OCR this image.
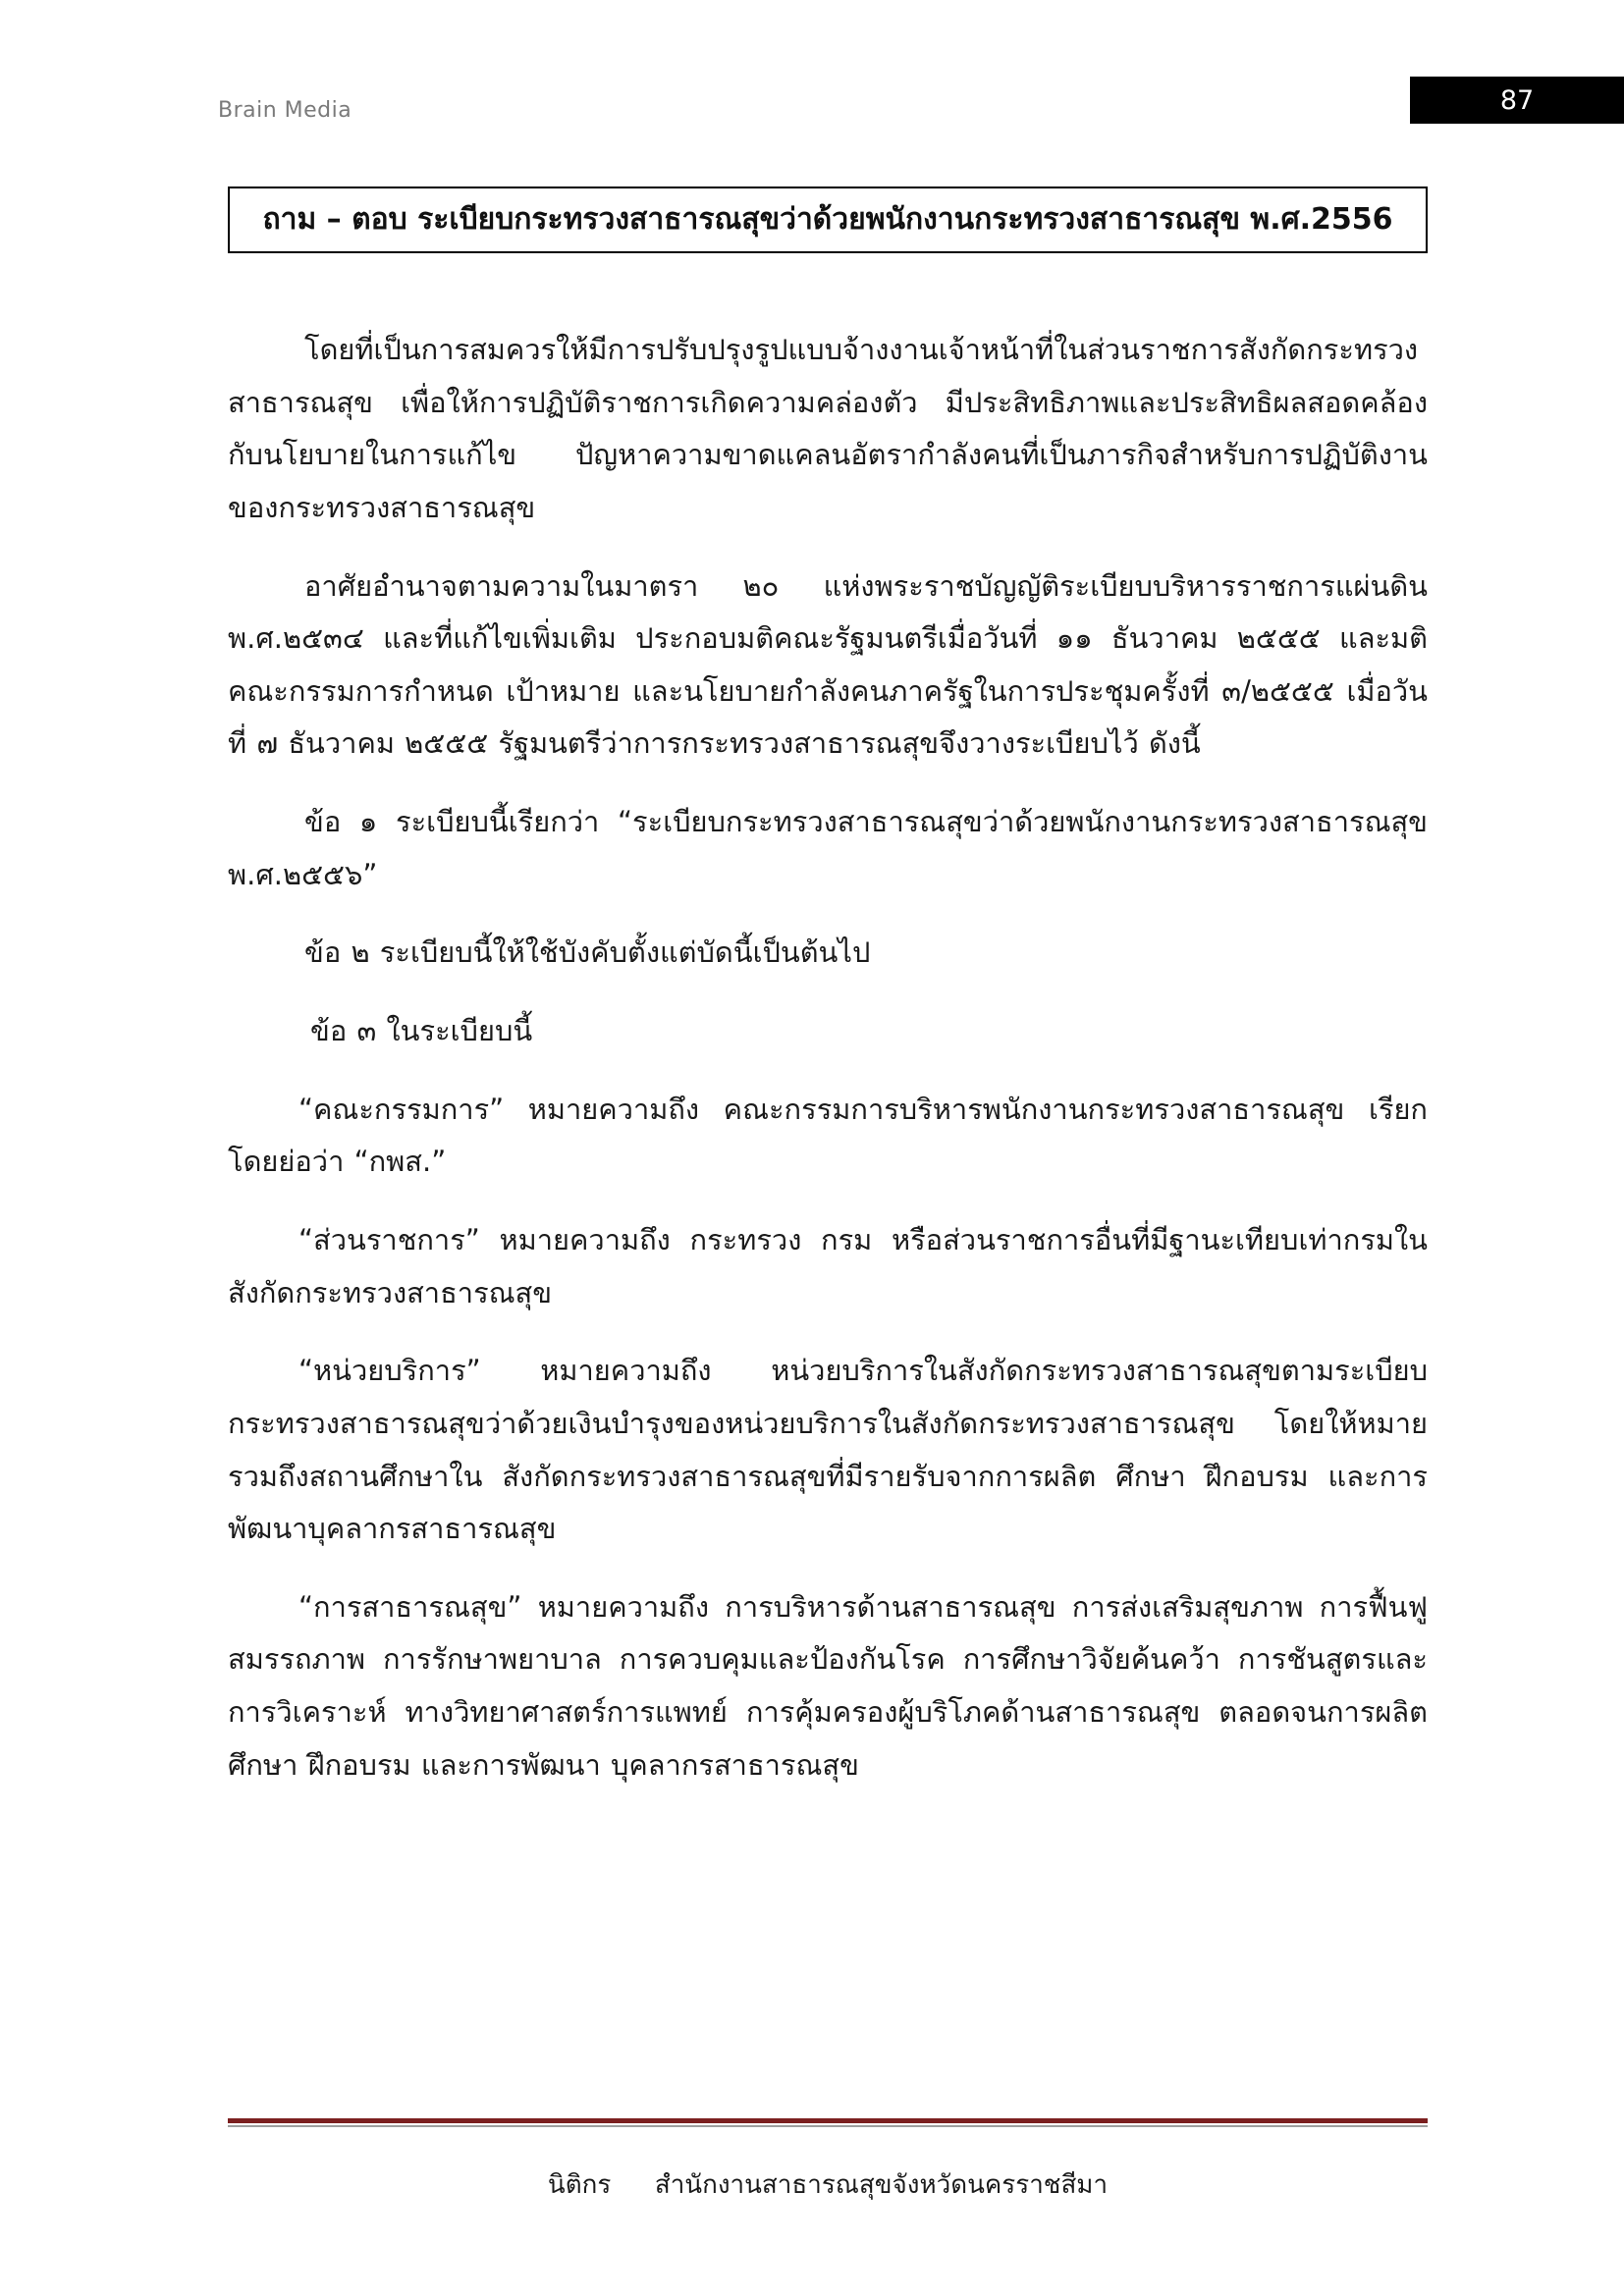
Brain Media	87
ถาม – ตอบ ระเบียบกระทรวงสาธารณสุขว่าด้วยพนักงานกระทรวงสาธารณสุข พ.ศ.2556

โดยที่เป็นการสมควรให้มีการปรับปรุงรูปแบบจ้างงานเจ้าหน้าที่ในส่วนราชการสังกัดกระทรวงสาธารณสุข เพื่อให้การปฏิบัติราชการเกิดความคล่องตัว มีประสิทธิภาพและประสิทธิผลสอดคล้องกับนโยบายในการแก้ไข ปัญหาความขาดแคลนอัตรากำลังคนที่เป็นภารกิจสำหรับการปฏิบัติงานของกระทรวงสาธารณสุข

อาศัยอำนาจตามความในมาตรา ๒๐ แห่งพระราชบัญญัติระเบียบบริหารราชการแผ่นดิน พ.ศ.๒๕๓๔ และที่แก้ไขเพิ่มเติม ประกอบมติคณะรัฐมนตรีเมื่อวันที่ ๑๑ ธันวาคม ๒๕๕๕ และมติคณะกรรมการกำหนด เป้าหมาย และนโยบายกำลังคนภาครัฐในการประชุมครั้งที่ ๓/๒๕๕๕ เมื่อวันที่ ๗ ธันวาคม ๒๕๕๕ รัฐมนตรีว่าการกระทรวงสาธารณสุขจึงวางระเบียบไว้ ดังนี้

ข้อ ๑ ระเบียบนี้เรียกว่า “ระเบียบกระทรวงสาธารณสุขว่าด้วยพนักงานกระทรวงสาธารณสุข พ.ศ.๒๕๕๖”

ข้อ ๒ ระเบียบนี้ให้ใช้บังคับตั้งแต่บัดนี้เป็นต้นไป

ข้อ ๓ ในระเบียบนี้

“คณะกรรมการ” หมายความถึง คณะกรรมการบริหารพนักงานกระทรวงสาธารณสุข เรียกโดยย่อว่า “กพส.”

“ส่วนราชการ” หมายความถึง กระทรวง กรม หรือส่วนราชการอื่นที่มีฐานะเทียบเท่ากรมในสังกัดกระทรวงสาธารณสุข

“หน่วยบริการ” หมายความถึง หน่วยบริการในสังกัดกระทรวงสาธารณสุขตามระเบียบกระทรวงสาธารณสุขว่าด้วยเงินบำรุงของหน่วยบริการในสังกัดกระทรวงสาธารณสุข โดยให้หมายรวมถึงสถานศึกษาใน สังกัดกระทรวงสาธารณสุขที่มีรายรับจากการผลิต ศึกษา ฝึกอบรม และการพัฒนาบุคลากรสาธารณสุข

“การสาธารณสุข” หมายความถึง การบริหารด้านสาธารณสุข การส่งเสริมสุขภาพ การฟื้นฟูสมรรถภาพ การรักษาพยาบาล การควบคุมและป้องกันโรค การศึกษาวิจัยค้นคว้า การชันสูตรและการวิเคราะห์ ทางวิทยาศาสตร์การแพทย์ การคุ้มครองผู้บริโภคด้านสาธารณสุข ตลอดจนการผลิต ศึกษา ฝึกอบรม และการพัฒนา บุคลากรสาธารณสุข

นิติกร สำนักงานสาธารณสุขจังหวัดนครราชสีมา
